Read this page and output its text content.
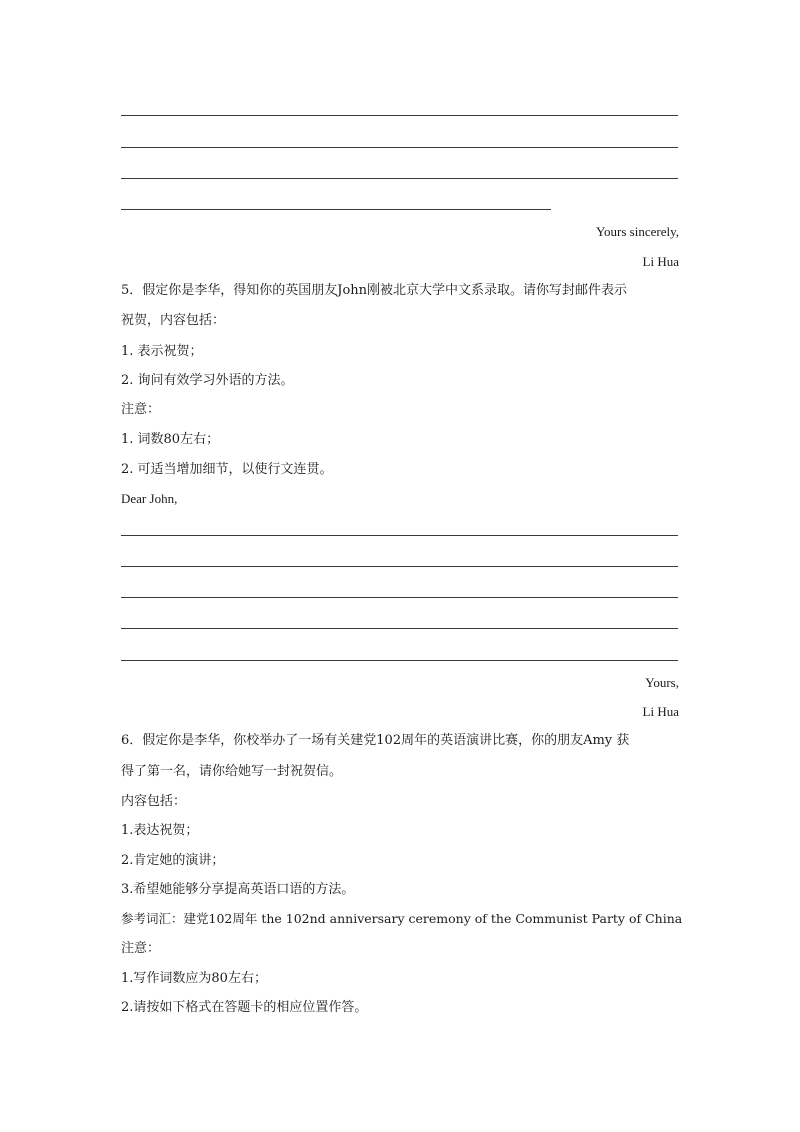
Yours sincerely,
Li Hua
5．假定你是李华，得知你的英国朋友John刚被北京大学中文系录取。请你写封邮件表示
祝贺，内容包括：
1. 表示祝贺；
2. 询问有效学习外语的方法。
注意：
1. 词数80左右；
2. 可适当增加细节，以使行文连贯。
Dear John,
Yours,
Li Hua
6．假定你是李华，你校举办了一场有关建党102周年的英语演讲比赛，你的朋友Amy 获
得了第一名，请你给她写一封祝贺信。
内容包括：
1.表达祝贺；
2.肯定她的演讲；
3.希望她能够分享提高英语口语的方法。
参考词汇：建党102周年 the 102nd anniversary ceremony of the Communist Party of China
注意：
1.写作词数应为80左右；
2.请按如下格式在答题卡的相应位置作答。
